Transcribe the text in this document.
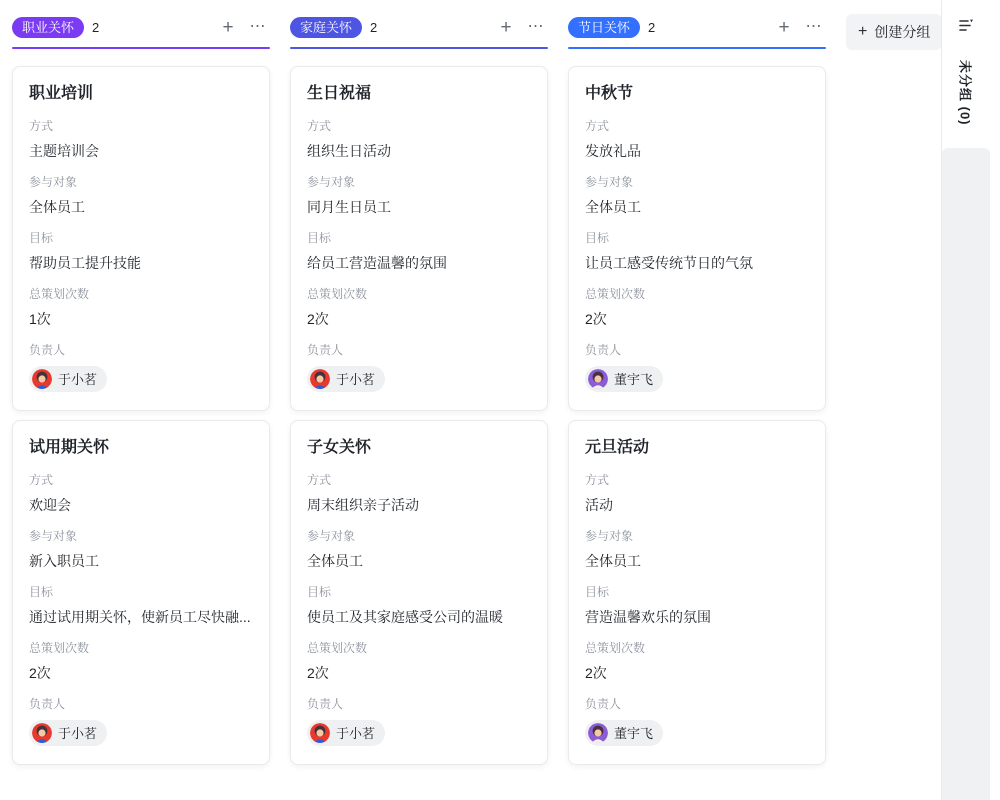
职业关怀	2	+ ⋯
职业培训
方式
主题培训会
参与对象
全体员工
目标
帮助员工提升技能
总策划次数
1次
负责人
于小茗
试用期关怀
方式
欢迎会
参与对象
新入职员工
目标
通过试用期关怀，使新员工尽快融...
总策划次数
2次
负责人
于小茗
家庭关怀	2	+ ⋯
生日祝福
方式
组织生日活动
参与对象
同月生日员工
目标
给员工营造温馨的氛围
总策划次数
2次
负责人
于小茗
子女关怀
方式
周末组织亲子活动
参与对象
全体员工
目标
使员工及其家庭感受公司的温暖
总策划次数
2次
负责人
于小茗
节日关怀	2	+ ⋯
中秋节
方式
发放礼品
参与对象
全体员工
目标
让员工感受传统节日的气氛
总策划次数
2次
负责人
董宇飞
元旦活动
方式
活动
参与对象
全体员工
目标
营造温馨欢乐的氛围
总策划次数
2次
负责人
董宇飞
+ 创建分组
未分组 (0)
